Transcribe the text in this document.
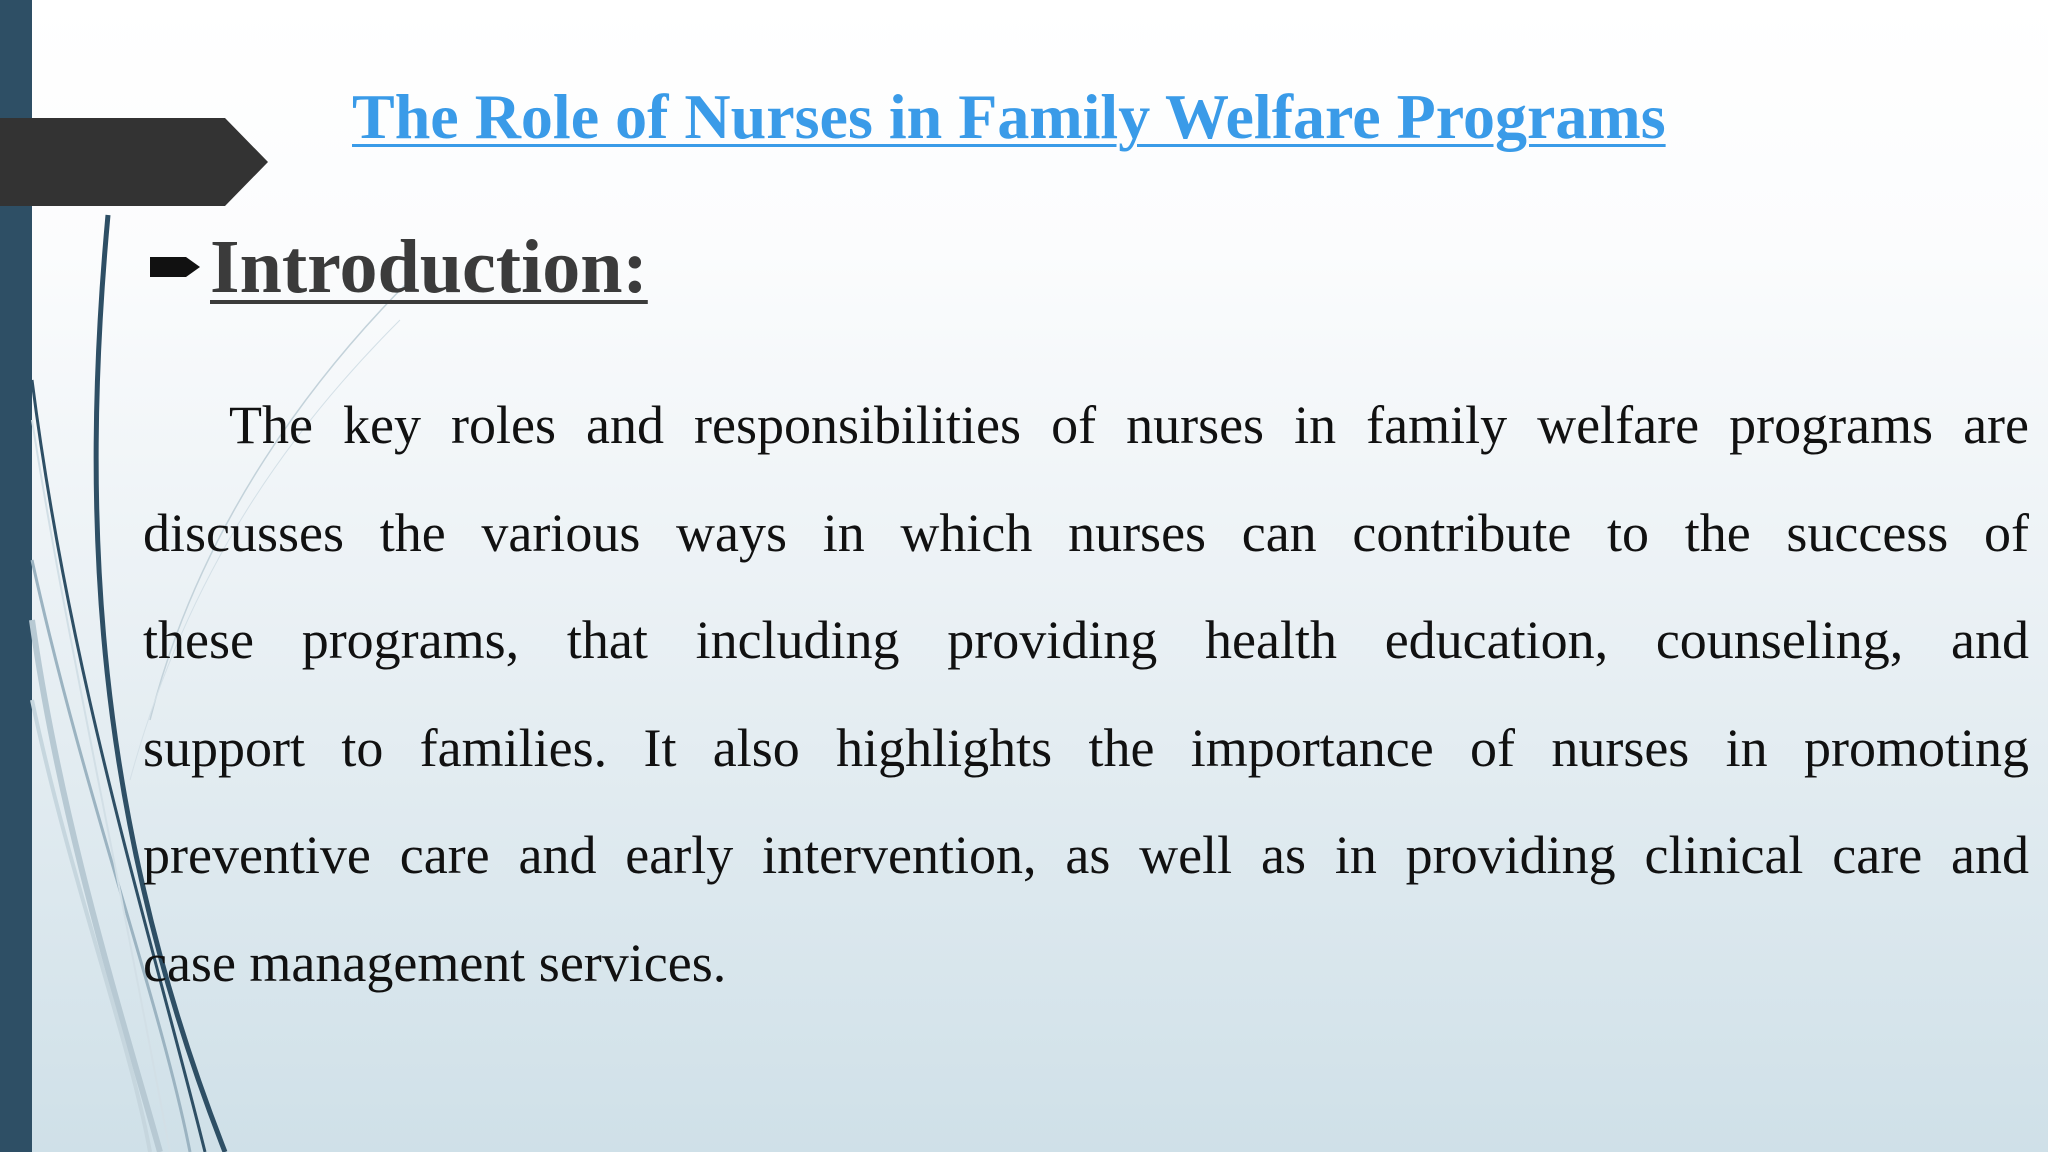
The Role of Nurses in Family Welfare Programs
Introduction:
The key roles and responsibilities of nurses in family welfare programs are
discusses the various ways in which nurses can contribute to the success of
these programs, that including providing health education, counseling, and
support to families. It also highlights the importance of nurses in promoting
preventive care and early intervention, as well as in providing clinical care and
case management services.
